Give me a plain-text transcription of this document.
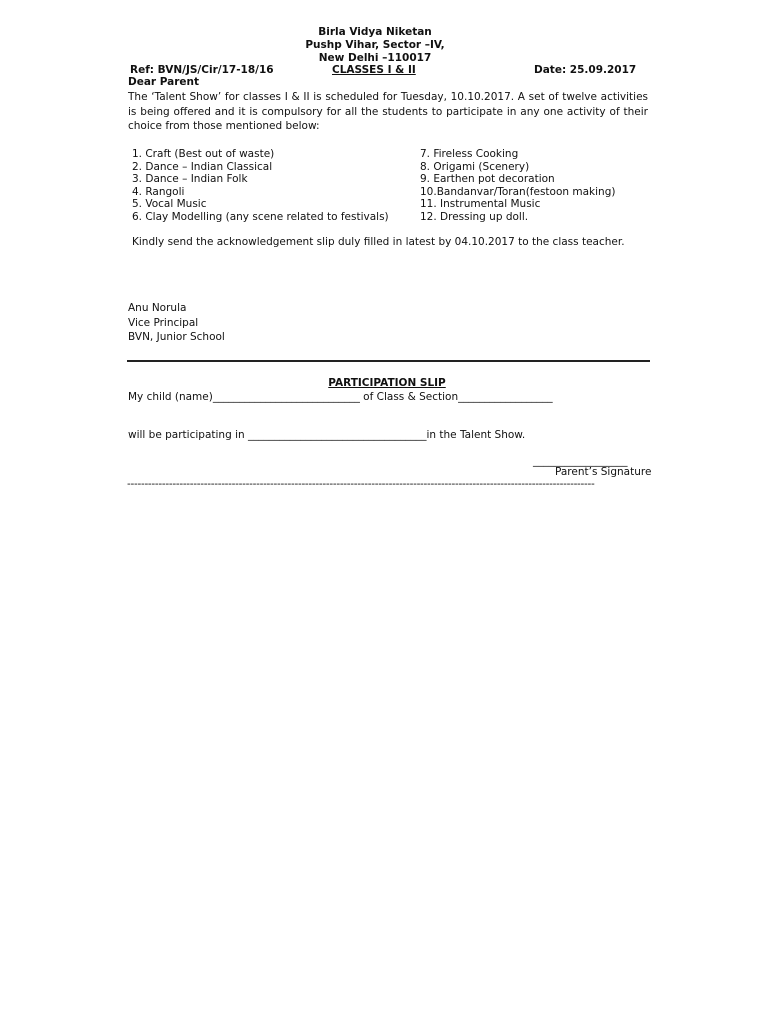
Birla Vidya Niketan
Pushp Vihar, Sector –IV,
New Delhi –110017
Ref: BVN/JS/Cir/17-18/16	CLASSES I & II	Date: 25.09.2017
Dear Parent
The ‘Talent Show’ for classes I & II is scheduled for Tuesday, 10.10.2017. A set of twelve activities is being offered and it is compulsory for all the students to participate in any one activity of their choice from those mentioned below:
1. Craft (Best out of waste)
2. Dance – Indian Classical
3. Dance – Indian Folk
4. Rangoli
5. Vocal Music
6. Clay Modelling (any scene related to festivals)
7. Fireless Cooking
8. Origami (Scenery)
9. Earthen pot decoration
10.Bandanvar/Toran(festoon making)
11. Instrumental Music
12. Dressing up doll.
Kindly send the acknowledgement slip duly filled in latest by 04.10.2017 to the class teacher.
Anu Norula
Vice Principal
BVN, Junior School
PARTICIPATION SLIP
My child (name)____________________________ of Class & Section__________________
will be participating in __________________________________in the Talent Show.
__________________
Parent’s Signature
--------------------------------------------------------------------------------------------------------------------------------------
